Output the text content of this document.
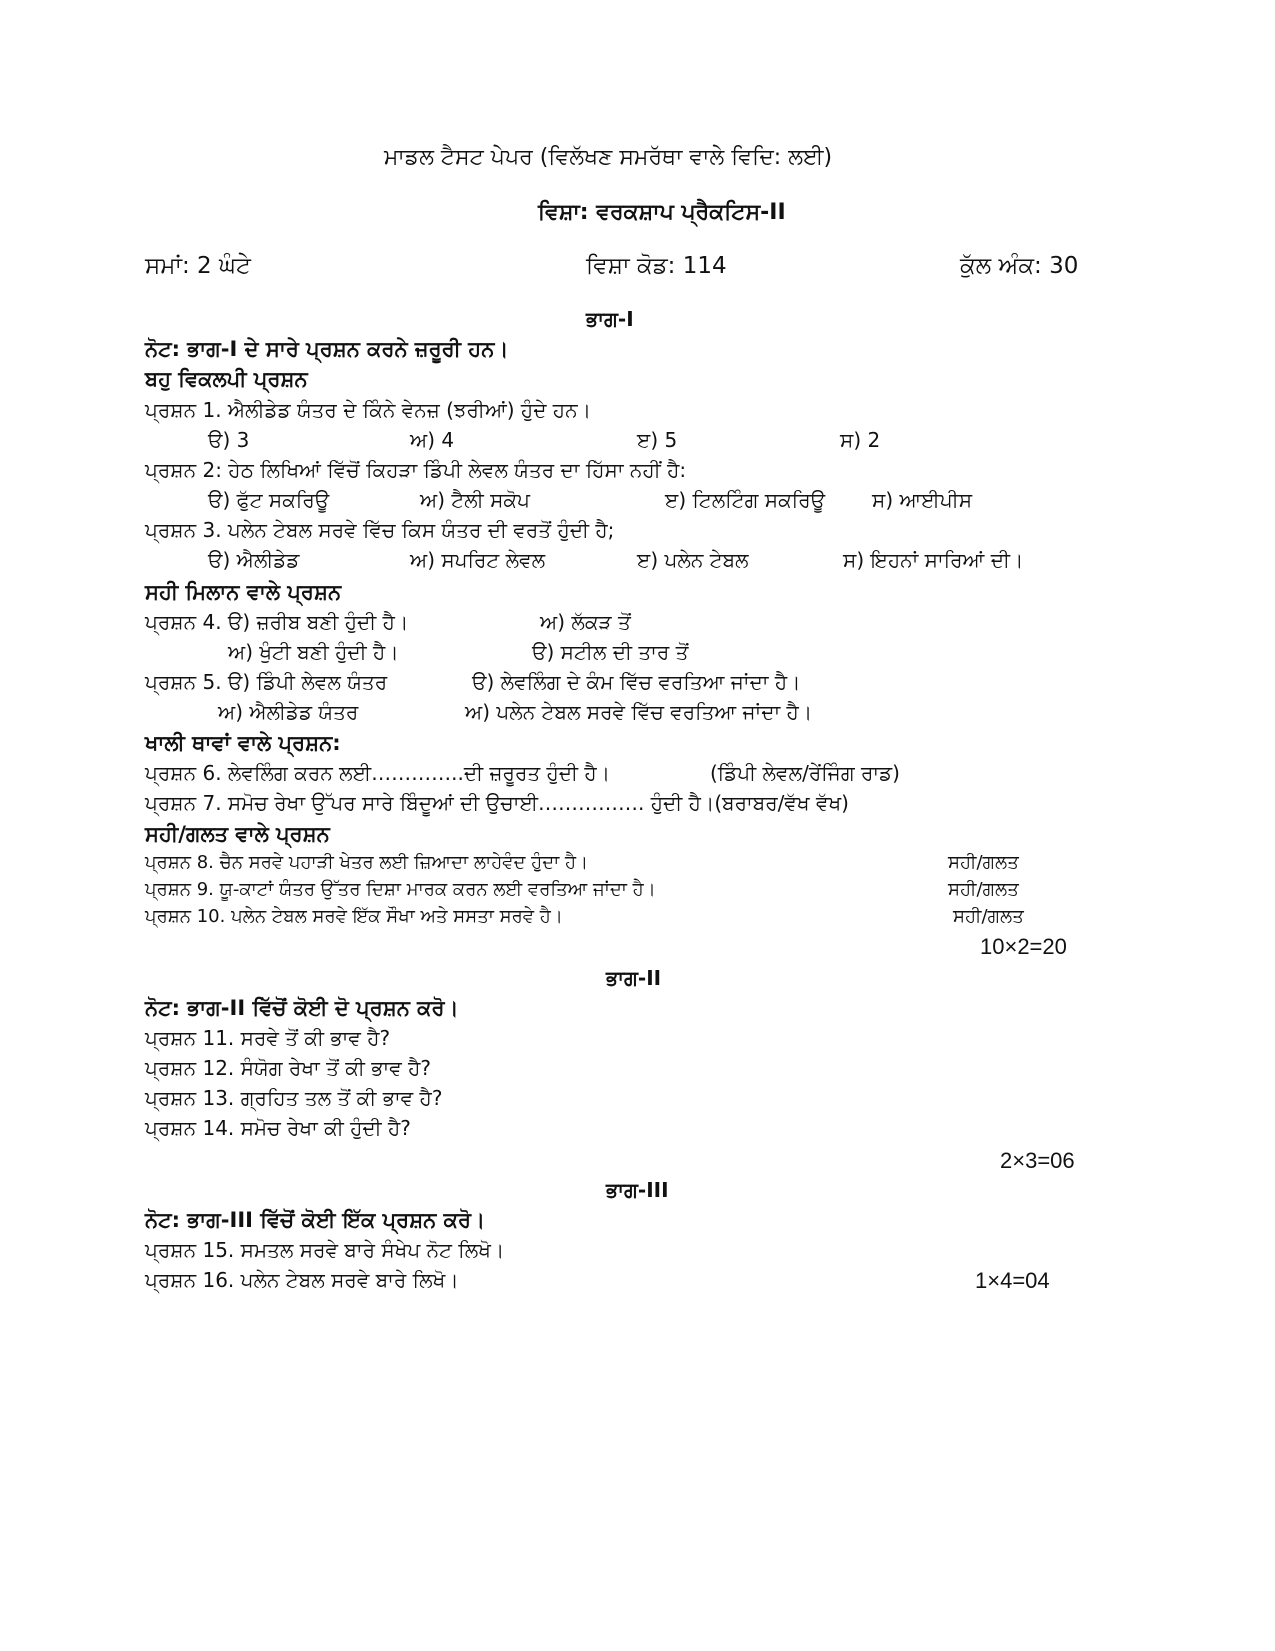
ਮਾਡਲ ਟੈਸਟ ਪੇਪਰ (ਵਿਲੱਖਣ ਸਮਰੱਥਾ ਵਾਲੇ ਵਿਦਿ: ਲਈ)
ਵਿਸ਼ਾ: ਵਰਕਸ਼ਾਪ ਪ੍ਰੈਕਟਿਸ-II
ਸਮਾਂ: 2 ਘੰਟੇ	ਵਿਸ਼ਾ ਕੋਡ: 114	ਕੁੱਲ ਅੰਕ: 30
ਭਾਗ-I
ਨੋਟ: ਭਾਗ-I ਦੇ ਸਾਰੇ ਪ੍ਰਸ਼ਨ ਕਰਨੇ ਜ਼ਰੂਰੀ ਹਨ।
ਬਹੁ ਵਿਕਲਪੀ ਪ੍ਰਸ਼ਨ
ਪ੍ਰਸ਼ਨ 1. ਐਲੀਡੇਡ ਯੰਤਰ ਦੇ ਕਿੰਨੇ ਵੇਨਜ਼ (ਝਰੀਆਂ) ਹੁੰਦੇ ਹਨ।
ੳ) 3	ਅ) 4	ੲ) 5	ਸ) 2
ਪ੍ਰਸ਼ਨ 2: ਹੇਠ ਲਿਖਿਆਂ ਵਿੱਚੋਂ ਕਿਹੜਾ ਡਿੰਪੀ ਲੇਵਲ ਯੰਤਰ ਦਾ ਹਿੱਸਾ ਨਹੀਂ ਹੈ:
ੳ) ਫੁੱਟ ਸਕਰਿਊ	ਅ) ਟੈਲੀ ਸਕੋਪ	ੲ) ਟਿਲਟਿੰਗ ਸਕਰਿਊ ਸ) ਆਈਪੀਸ
ਪ੍ਰਸ਼ਨ 3. ਪਲੇਨ ਟੇਬਲ ਸਰਵੇ ਵਿੱਚ ਕਿਸ ਯੰਤਰ ਦੀ ਵਰਤੋਂ ਹੁੰਦੀ ਹੈ;
ੳ) ਐਲੀਡੇਡ	ਅ) ਸਪਰਿਟ ਲੇਵਲ	ੲ) ਪਲੇਨ ਟੇਬਲ	ਸ) ਇਹਨਾਂ ਸਾਰਿਆਂ ਦੀ।
ਸਹੀ ਮਿਲਾਨ ਵਾਲੇ ਪ੍ਰਸ਼ਨ
ਪ੍ਰਸ਼ਨ 4. ੳ) ਜ਼ਰੀਬ ਬਣੀ ਹੁੰਦੀ ਹੈ।	ਅ) ਲੱਕੜ ਤੋਂ
ਅ) ਖੁੰਟੀ ਬਣੀ ਹੁੰਦੀ ਹੈ।	ੳ) ਸਟੀਲ ਦੀ ਤਾਰ ਤੋਂ
ਪ੍ਰਸ਼ਨ 5. ੳ) ਡਿੰਪੀ ਲੇਵਲ ਯੰਤਰ	ੳ) ਲੇਵਲਿੰਗ ਦੇ ਕੰਮ ਵਿੱਚ ਵਰਤਿਆ ਜਾਂਦਾ ਹੈ।
ਅ) ਐਲੀਡੇਡ ਯੰਤਰ	ਅ) ਪਲੇਨ ਟੇਬਲ ਸਰਵੇ ਵਿੱਚ ਵਰਤਿਆ ਜਾਂਦਾ ਹੈ।
ਖਾਲੀ ਥਾਵਾਂ ਵਾਲੇ ਪ੍ਰਸ਼ਨ:
ਪ੍ਰਸ਼ਨ 6. ਲੇਵਲਿੰਗ ਕਰਨ ਲਈ…………..ਦੀ ਜ਼ਰੂਰਤ ਹੁੰਦੀ ਹੈ।	(ਡਿੰਪੀ ਲੇਵਲ/ਰੇਂਜਿੰਗ ਰਾਡ)
ਪ੍ਰਸ਼ਨ 7. ਸਮੋਚ ਰੇਖਾ ਉੱਪਰ ਸਾਰੇ ਬਿੰਦੂਆਂ ਦੀ ਉਚਾਈ……………. ਹੁੰਦੀ ਹੈ।(ਬਰਾਬਰ/ਵੱਖ ਵੱਖ)
ਸਹੀ/ਗਲਤ ਵਾਲੇ ਪ੍ਰਸ਼ਨ
ਪ੍ਰਸ਼ਨ 8. ਚੈਨ ਸਰਵੇ ਪਹਾੜੀ ਖੇਤਰ ਲਈ ਜ਼ਿਆਦਾ ਲਾਹੇਵੰਦ ਹੁੰਦਾ ਹੈ।	ਸਹੀ/ਗਲਤ
ਪ੍ਰਸ਼ਨ 9. ਯੂ-ਕਾਟਾਂ ਯੰਤਰ ਉੱਤਰ ਦਿਸ਼ਾ ਮਾਰਕ ਕਰਨ ਲਈ ਵਰਤਿਆ ਜਾਂਦਾ ਹੈ।	ਸਹੀ/ਗਲਤ
ਪ੍ਰਸ਼ਨ 10. ਪਲੇਨ ਟੇਬਲ ਸਰਵੇ ਇੱਕ ਸੌਖਾ ਅਤੇ ਸਸਤਾ ਸਰਵੇ ਹੈ।	ਸਹੀ/ਗਲਤ
10×2=20
ਭਾਗ-II
ਨੋਟ: ਭਾਗ-II ਵਿੱਚੋਂ ਕੋਈ ਦੋ ਪ੍ਰਸ਼ਨ ਕਰੋ।
ਪ੍ਰਸ਼ਨ 11. ਸਰਵੇ ਤੋਂ ਕੀ ਭਾਵ ਹੈ?
ਪ੍ਰਸ਼ਨ 12. ਸੰਯੋਗ ਰੇਖਾ ਤੋਂ ਕੀ ਭਾਵ ਹੈ?
ਪ੍ਰਸ਼ਨ 13. ਗ੍ਰਹਿਤ ਤਲ ਤੋਂ ਕੀ ਭਾਵ ਹੈ?
ਪ੍ਰਸ਼ਨ 14. ਸਮੋਚ ਰੇਖਾ ਕੀ ਹੁੰਦੀ ਹੈ?
2×3=06
ਭਾਗ-III
ਨੋਟ: ਭਾਗ-III ਵਿੱਚੋਂ ਕੋਈ ਇੱਕ ਪ੍ਰਸ਼ਨ ਕਰੋ।
ਪ੍ਰਸ਼ਨ 15. ਸਮਤਲ ਸਰਵੇ ਬਾਰੇ ਸੰਖੇਪ ਨੋਟ ਲਿਖੋ।
ਪ੍ਰਸ਼ਨ 16. ਪਲੇਨ ਟੇਬਲ ਸਰਵੇ ਬਾਰੇ ਲਿਖੋ।	1×4=04
